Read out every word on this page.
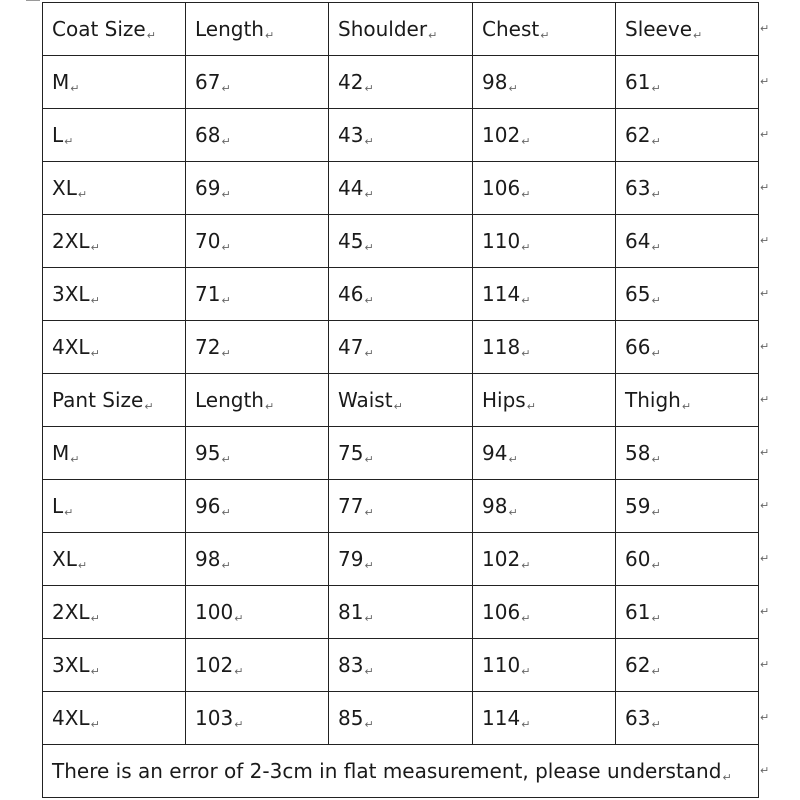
Coat Size↵	Length↵	Shoulder↵	Chest↵	Sleeve↵
M↵	67↵	42↵	98↵	61↵
L↵	68↵	43↵	102↵	62↵
XL↵	69↵	44↵	106↵	63↵
2XL↵	70↵	45↵	110↵	64↵
3XL↵	71↵	46↵	114↵	65↵
4XL↵	72↵	47↵	118↵	66↵
Pant Size↵	Length↵	Waist↵	Hips↵	Thigh↵
M↵	95↵	75↵	94↵	58↵
L↵	96↵	77↵	98↵	59↵
XL↵	98↵	79↵	102↵	60↵
2XL↵	100↵	81↵	106↵	61↵
3XL↵	102↵	83↵	110↵	62↵
4XL↵	103↵	85↵	114↵	63↵
There is an error of 2-3cm in flat measurement, please understand↵				
↵
↵
↵
↵
↵
↵
↵
↵
↵
↵
↵
↵
↵
↵
↵
